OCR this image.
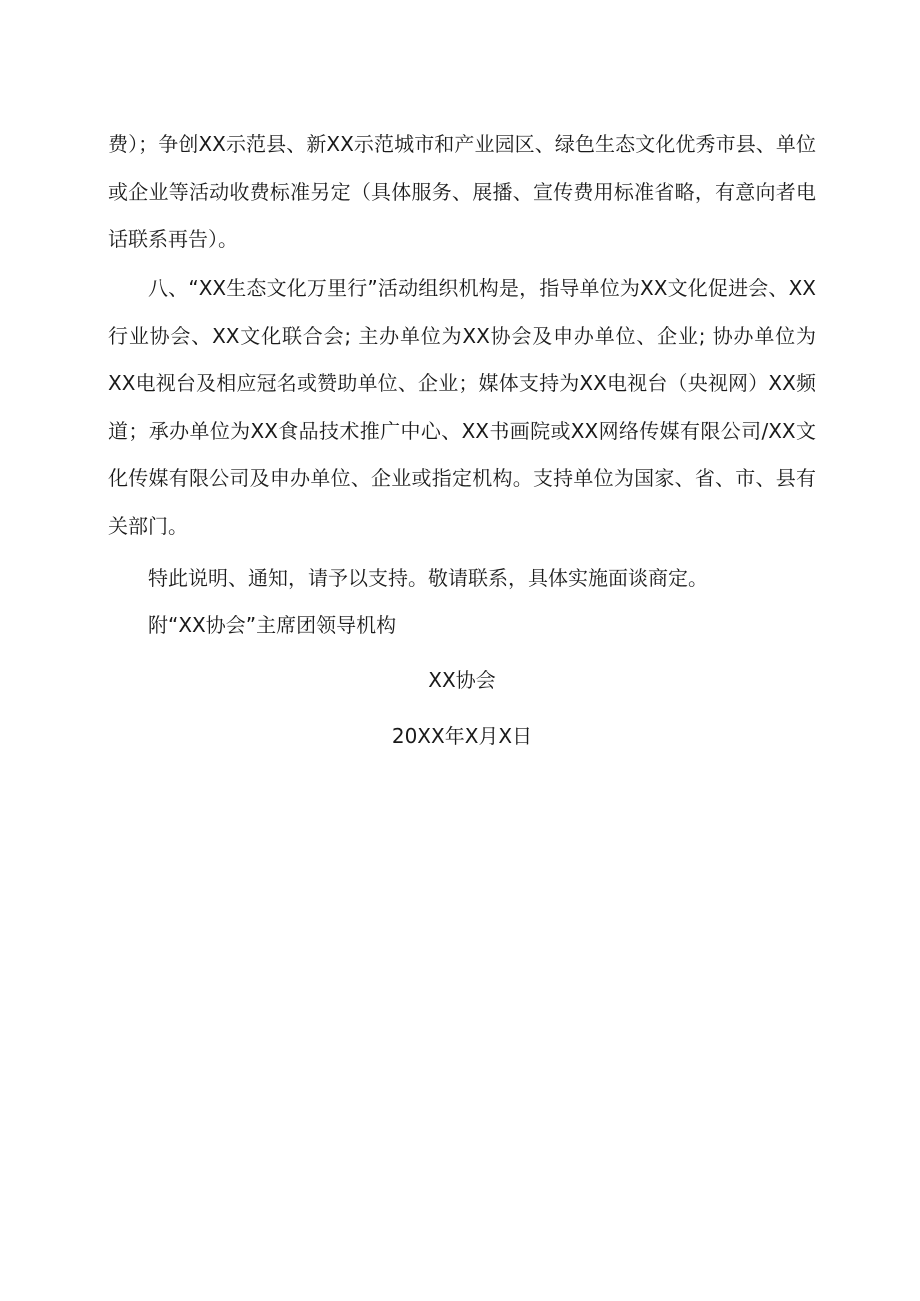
费）；争创XX示范县、新XX示范城市和产业园区、绿色生态文化优秀市县、单位或企业等活动收费标准另定（具体服务、展播、宣传费用标准省略，有意向者电话联系再告）。

八、“XX生态文化万里行”活动组织机构是，指导单位为XX文化促进会、XX行业协会、XX文化联合会; 主办单位为XX协会及申办单位、企业; 协办单位为XX电视台及相应冠名或赞助单位、企业；媒体支持为XX电视台（央视网）XX频道；承办单位为XX食品技术推广中心、XX书画院或XX网络传媒有限公司/XX文化传媒有限公司及申办单位、企业或指定机构。支持单位为国家、省、市、县有关部门。

特此说明、通知，请予以支持。敬请联系，具体实施面谈商定。

附“XX协会”主席团领导机构

XX协会

20XX年X月X日
